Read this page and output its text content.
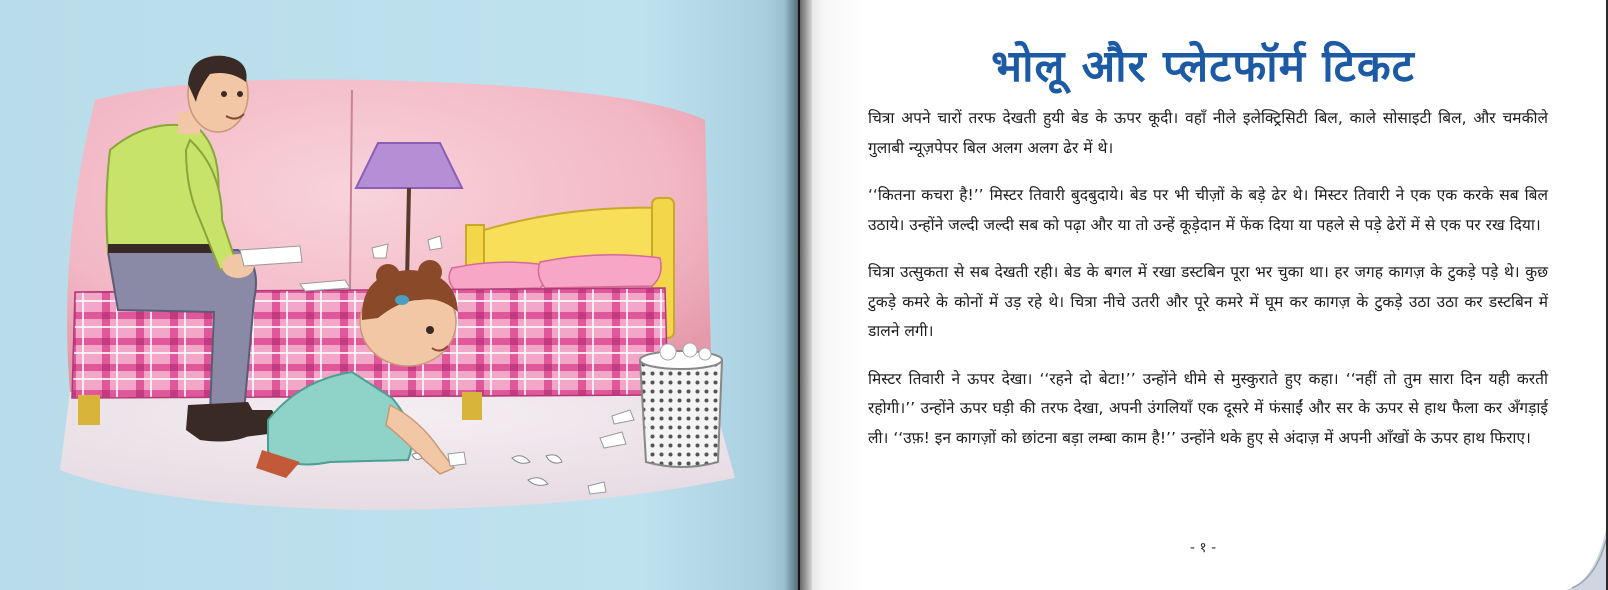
भोलू और प्लेटफॉर्म टिकट

चित्रा अपने चारों तरफ देखती हुयी बेड के ऊपर कूदी। वहाँ नीले इलेक्ट्रिसिटी बिल, काले सोसाइटी बिल, और चमकीले गुलाबी न्यूज़पेपर बिल अलग अलग ढेर में थे।

‘‘कितना कचरा है!’’ मिस्टर तिवारी बुदबुदाये। बेड पर भी चीज़ों के बड़े ढेर थे। मिस्टर तिवारी ने एक एक करके सब बिल उठाये। उन्होंने जल्दी जल्दी सब को पढ़ा और या तो उन्हें कूड़ेदान में फेंक दिया या पहले से पड़े ढेरों में से एक पर रख दिया।

चित्रा उत्सुकता से सब देखती रही। बेड के बगल में रखा डस्टबिन पूरा भर चुका था। हर जगह कागज़ के टुकड़े पड़े थे। कुछ टुकड़े कमरे के कोनों में उड़ रहे थे। चित्रा नीचे उतरी और पूरे कमरे में घूम कर कागज़ के टुकड़े उठा उठा कर डस्टबिन में डालने लगी।

मिस्टर तिवारी ने ऊपर देखा। ‘‘रहने दो बेटा!’’ उन्होंने धीमे से मुस्कुराते हुए कहा। ‘‘नहीं तो तुम सारा दिन यही करती रहोगी।’’ उन्होंने ऊपर घड़ी की तरफ देखा, अपनी उंगलियाँ एक दूसरे में फंसाईं और सर के ऊपर से हाथ फैला कर अँगड़ाई ली। ‘‘उफ़! इन कागज़ों को छांटना बड़ा लम्बा काम है!’’ उन्होंने थके हुए से अंदाज़ में अपनी आँखों के ऊपर हाथ फिराए।

- १ -
